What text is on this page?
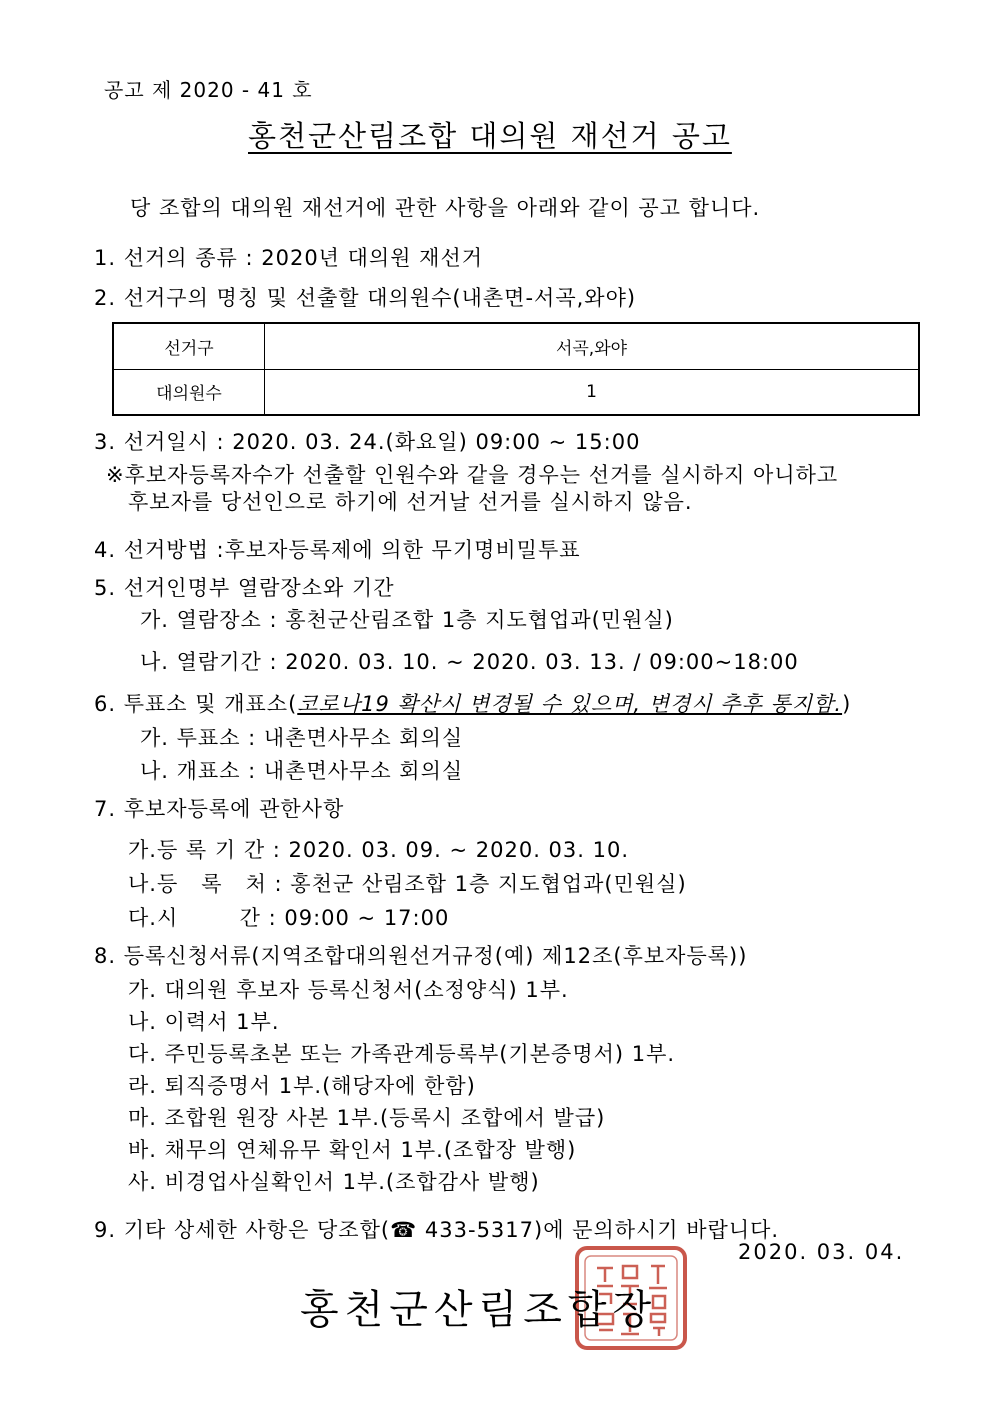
공고 제 2020 - 41 호
홍천군산림조합 대의원 재선거 공고
당 조합의 대의원 재선거에 관한 사항을 아래와 같이 공고 합니다.
1. 선거의 종류 : 2020년 대의원 재선거
2. 선거구의 명칭 및 선출할 대의원수(내촌면-서곡,와야)
선거구	서곡,와야
대의원수	1
3. 선거일시 : 2020. 03. 24.(화요일) 09:00 ~ 15:00
※후보자등록자수가 선출할 인원수와 같을 경우는 선거를 실시하지 아니하고
후보자를 당선인으로 하기에 선거날 선거를 실시하지 않음.
4. 선거방법 :후보자등록제에 의한 무기명비밀투표
5. 선거인명부 열람장소와 기간
가. 열람장소 : 홍천군산림조합 1층 지도협업과(민원실)
나. 열람기간 : 2020. 03. 10. ~ 2020. 03. 13. / 09:00~18:00
6. 투표소 및 개표소(코로나19 확산시 변경될 수 있으며, 변경시 추후 통지함.)
가. 투표소 : 내촌면사무소 회의실
나. 개표소 : 내촌면사무소 회의실
7. 후보자등록에 관한사항
가.등 록 기 간 : 2020. 03. 09. ~ 2020. 03. 10.
나.등   록   처 : 홍천군 산림조합 1층 지도협업과(민원실)
다.시        간 : 09:00 ~ 17:00
8. 등록신청서류(지역조합대의원선거규정(예) 제12조(후보자등록))
가. 대의원 후보자 등록신청서(소정양식) 1부.
나. 이력서 1부.
다. 주민등록초본 또는 가족관계등록부(기본증명서) 1부.
라. 퇴직증명서 1부.(해당자에 한함)
마. 조합원 원장 사본 1부.(등록시 조합에서 발급)
바. 채무의 연체유무 확인서 1부.(조합장 발행)
사. 비경업사실확인서 1부.(조합감사 발행)
9. 기타 상세한 사항은 당조합(☎ 433-5317)에 문의하시기 바랍니다.
2020. 03. 04.
홍천군산림조합장
